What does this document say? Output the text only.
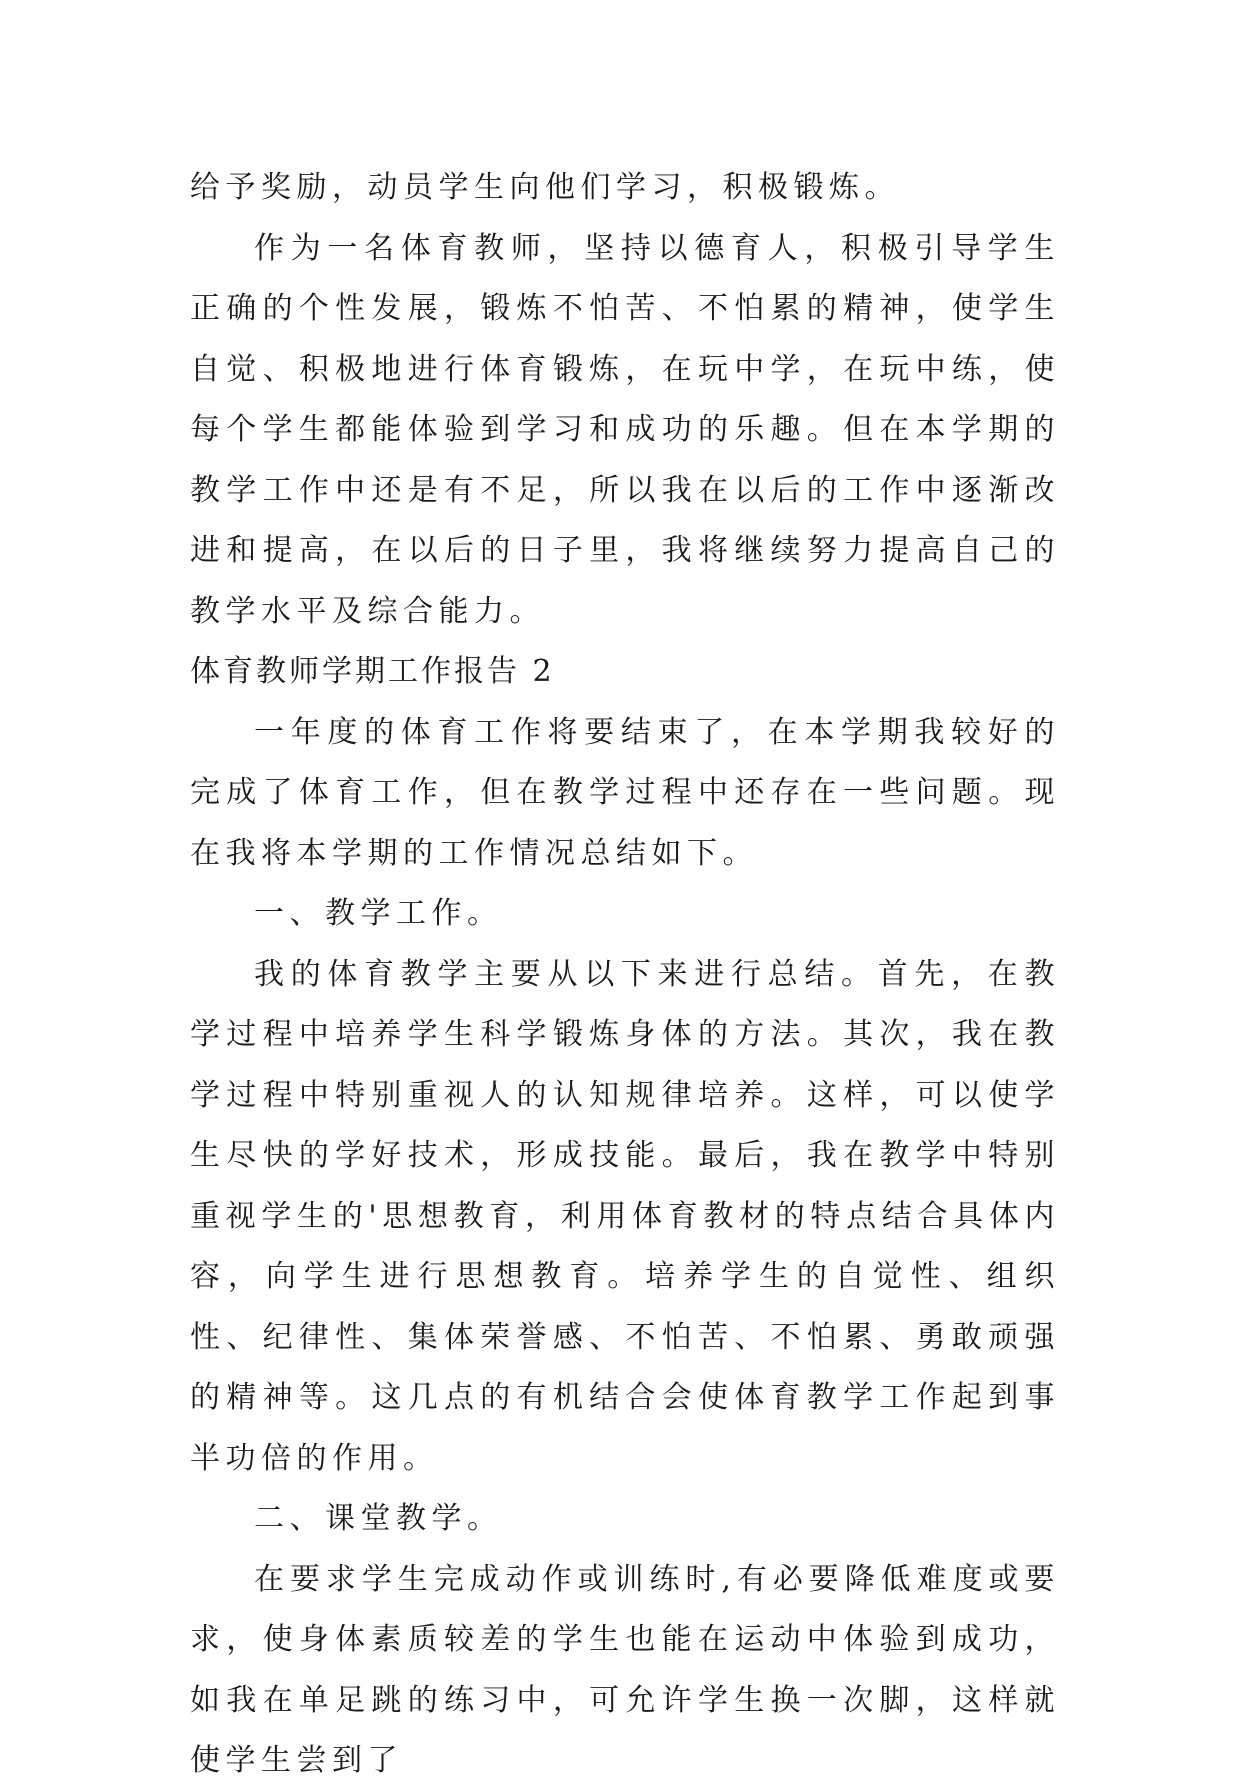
给予奖励，动员学生向他们学习，积极锻炼。

作为一名体育教师，坚持以德育人，积极引导学生正确的个性发展，锻炼不怕苦、不怕累的精神，使学生自觉、积极地进行体育锻炼，在玩中学，在玩中练，使每个学生都能体验到学习和成功的乐趣。但在本学期的教学工作中还是有不足，所以我在以后的工作中逐渐改进和提高，在以后的日子里，我将继续努力提高自己的教学水平及综合能力。

体育教师学期工作报告 2

一年度的体育工作将要结束了，在本学期我较好的完成了体育工作，但在教学过程中还存在一些问题。现在我将本学期的工作情况总结如下。

一、教学工作。

我的体育教学主要从以下来进行总结。首先，在教学过程中培养学生科学锻炼身体的方法。其次，我在教学过程中特别重视人的认知规律培养。这样，可以使学生尽快的学好技术，形成技能。最后，我在教学中特别重视学生的'思想教育，利用体育教材的特点结合具体内容，向学生进行思想教育。培养学生的自觉性、组织性、纪律性、集体荣誉感、不怕苦、不怕累、勇敢顽强的精神等。这几点的有机结合会使体育教学工作起到事半功倍的作用。

二、课堂教学。

在要求学生完成动作或训练时,有必要降低难度或要求，使身体素质较差的学生也能在运动中体验到成功，如我在单足跳的练习中，可允许学生换一次脚，这样就使学生尝到了
